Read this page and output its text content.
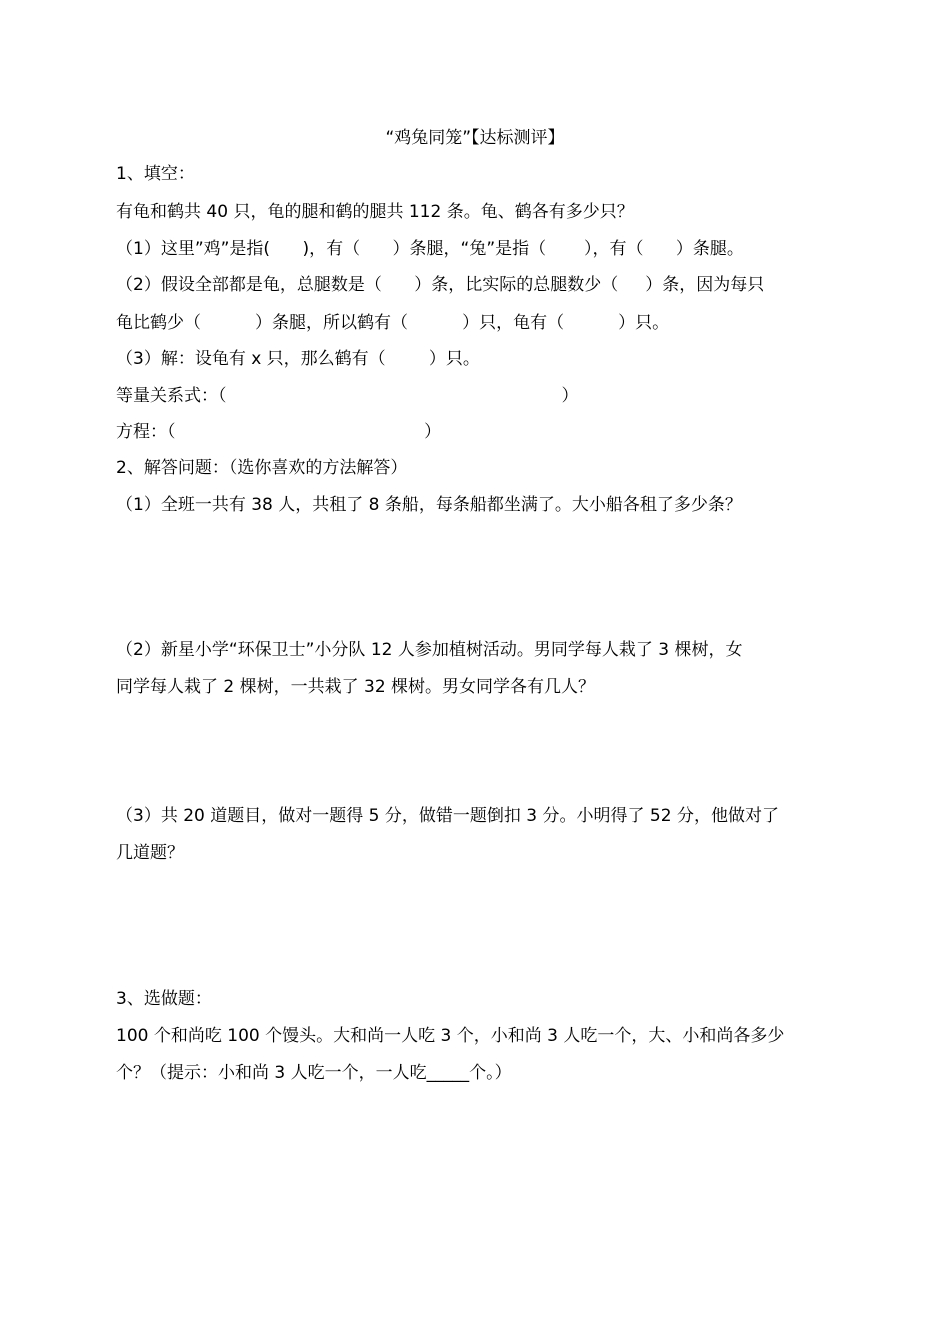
“鸡兔同笼”【达标测评】
1、填空：
有龟和鹤共 40 只，龟的腿和鹤的腿共 112 条。龟、鹤各有多少只？
（1）这里”鸡”是指(      )，有（      ）条腿，“兔”是指（       ），有（      ）条腿。
（2）假设全部都是龟，总腿数是（      ）条，比实际的总腿数少（     ）条，因为每只
龟比鹤少（          ）条腿，所以鹤有（          ）只，龟有（          ）只。
（3）解：设龟有 x 只，那么鹤有（        ）只。
等量关系式：（                                                              ）
方程：（                                              ）
2、解答问题：（选你喜欢的方法解答）
（1）全班一共有 38 人，共租了 8 条船，每条船都坐满了。大小船各租了多少条？
（2）新星小学“环保卫士”小分队 12 人参加植树活动。男同学每人栽了 3 棵树，女
同学每人栽了 2 棵树，一共栽了 32 棵树。男女同学各有几人？
（3）共 20 道题目，做对一题得 5 分，做错一题倒扣 3 分。小明得了 52 分，他做对了
几道题？
3、选做题：
100 个和尚吃 100 个馒头。大和尚一人吃 3 个，小和尚 3 人吃一个，大、小和尚各多少
个？（提示：小和尚 3 人吃一个，一人吃_____个。）
